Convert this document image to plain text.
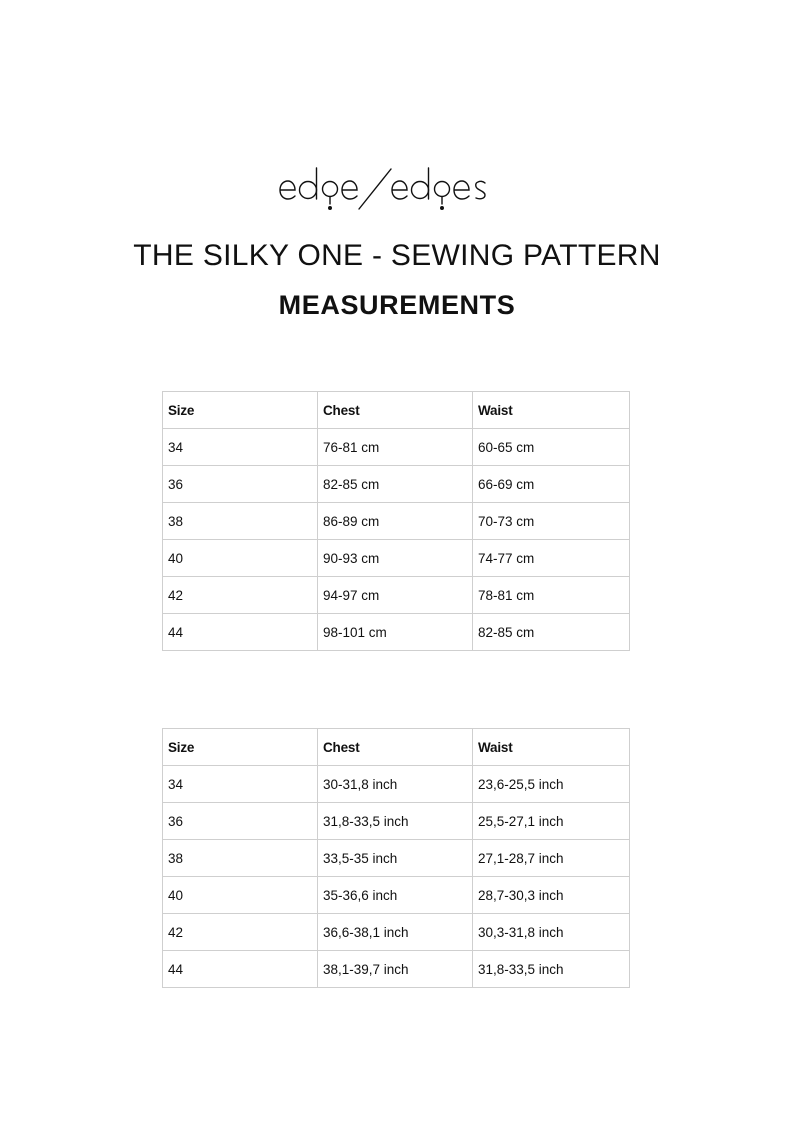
THE SILKY ONE - SEWING PATTERN
MEASUREMENTS
Size	Chest	Waist
34	76-81 cm	60-65 cm
36	82-85 cm	66-69 cm
38	86-89 cm	70-73 cm
40	90-93 cm	74-77 cm
42	94-97 cm	78-81 cm
44	98-101 cm	82-85 cm
Size	Chest	Waist
34	30-31,8 inch	23,6-25,5 inch
36	31,8-33,5 inch	25,5-27,1 inch
38	33,5-35 inch	27,1-28,7 inch
40	35-36,6 inch	28,7-30,3 inch
42	36,6-38,1 inch	30,3-31,8 inch
44	38,1-39,7 inch	31,8-33,5 inch
